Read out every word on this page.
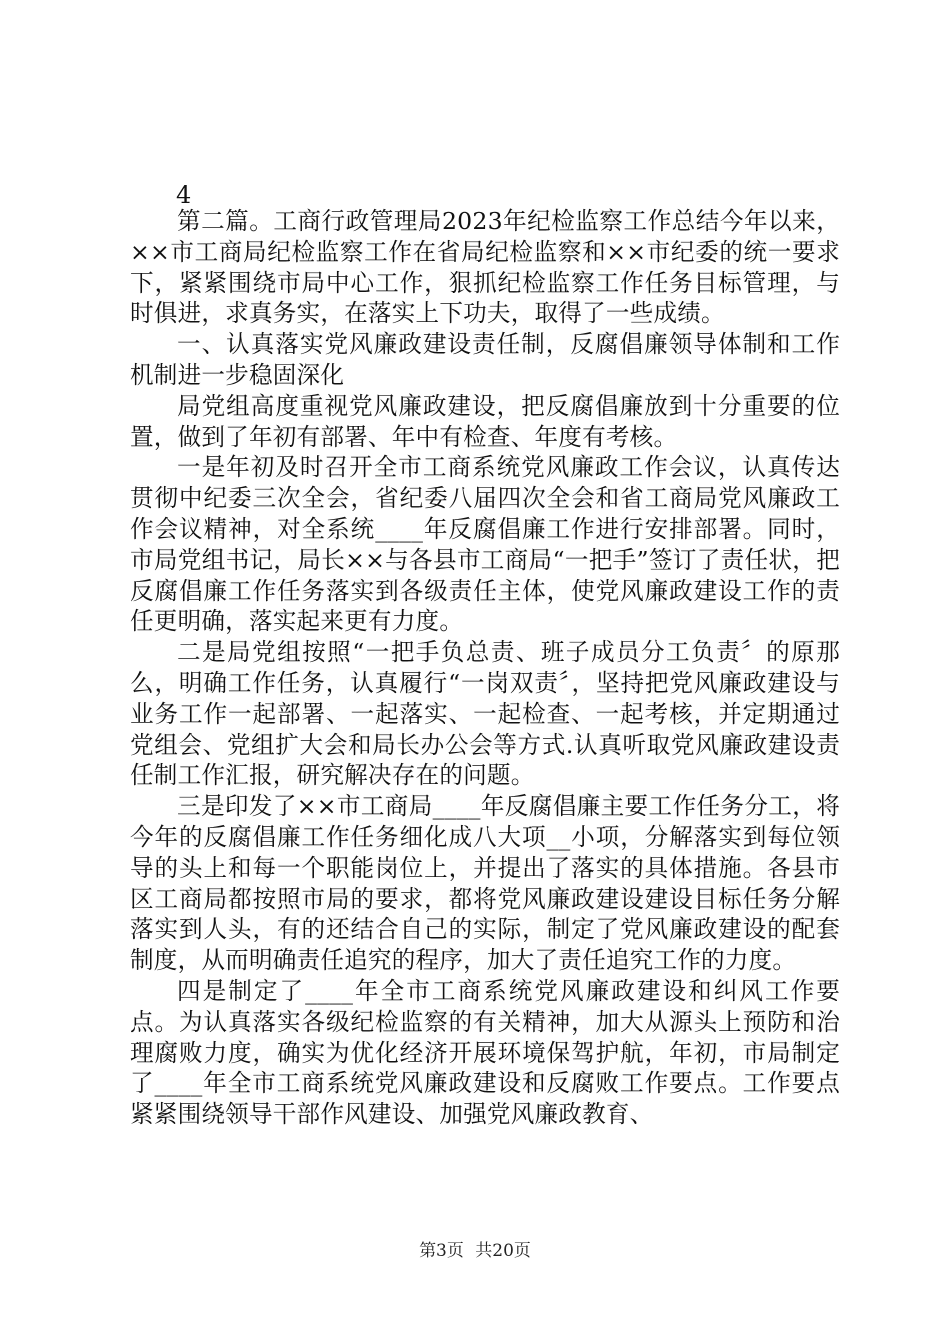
4

第二篇。工商行政管理局2023年纪检监察工作总结今年以来，××市工商局纪检监察工作在省局纪检监察和××市纪委的统一要求下，紧紧围绕市局中心工作，狠抓纪检监察工作任务目标管理，与时俱进，求真务实，在落实上下功夫，取得了一些成绩。

一、认真落实党风廉政建设责任制，反腐倡廉领导体制和工作机制进一步稳固深化

局党组高度重视党风廉政建设，把反腐倡廉放到十分重要的位置，做到了年初有部署、年中有检查、年度有考核。

一是年初及时召开全市工商系统党风廉政工作会议，认真传达贯彻中纪委三次全会，省纪委八届四次全会和省工商局党风廉政工作会议精神，对全系统____年反腐倡廉工作进行安排部署。同时，市局党组书记，局长××与各县市工商局“一把手”签订了责任状，把反腐倡廉工作任务落实到各级责任主体，使党风廉政建设工作的责任更明确，落实起来更有力度。

二是局党组按照“一把手负总责、班子成员分工负责〞的原那么，明确工作任务，认真履行“一岗双责〞，坚持把党风廉政建设与业务工作一起部署、一起落实、一起检查、一起考核，并定期通过党组会、党组扩大会和局长办公会等方式.认真听取党风廉政建设责任制工作汇报，研究解决存在的问题。

三是印发了××市工商局____年反腐倡廉主要工作任务分工，将今年的反腐倡廉工作任务细化成八大项__小项，分解落实到每位领导的头上和每一个职能岗位上，并提出了落实的具体措施。各县市区工商局都按照市局的要求，都将党风廉政建设建设目标任务分解落实到人头，有的还结合自己的实际，制定了党风廉政建设的配套制度，从而明确责任追究的程序，加大了责任追究工作的力度。

四是制定了____年全市工商系统党风廉政建设和纠风工作要点。为认真落实各级纪检监察的有关精神，加大从源头上预防和治理腐败力度，确实为优化经济开展环境保驾护航，年初，市局制定了____年全市工商系统党风廉政建设和反腐败工作要点。工作要点紧紧围绕领导干部作风建设、加强党风廉政教育、

第3页 共20页
